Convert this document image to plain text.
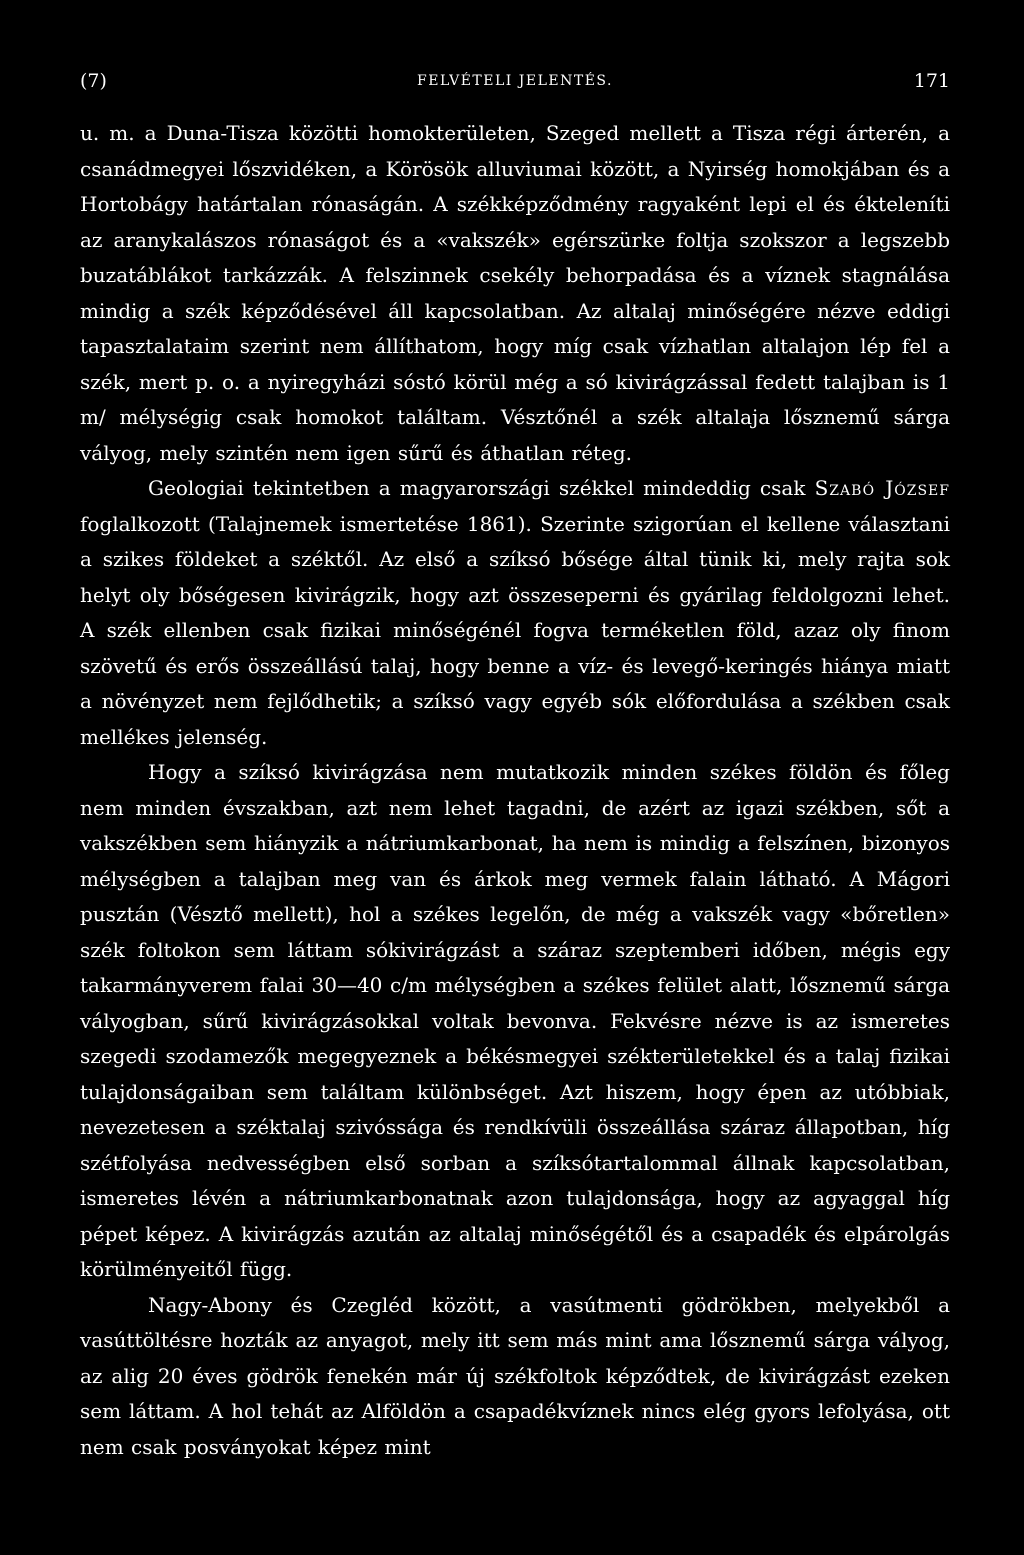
(7)	FELVÉTELI JELENTÉS.	171

u. m. a Duna-Tisza közötti homokterületen, Szeged mellett a Tisza régi árterén, a csanádmegyei lőszvidéken, a Körösök alluviumai között, a Nyirség homokjában és a Hortobágy határtalan rónaságán. A székképződmény ragyaként lepi el és ékteleníti az aranykalászos rónaságot és a «vakszék» egérszürke foltja szokszor a legszebb buzatáblákot tarkázzák. A felszinnek csekély behorpadása és a víznek stagnálása mindig a szék képződésével áll kapcsolatban. Az altalaj minőségére nézve eddigi tapasztalataim szerint nem állíthatom, hogy míg csak vízhatlan altalajon lép fel a szék, mert p. o. a nyiregyházi sóstó körül még a só kivirágzással fedett talajban is 1 m/ mélységig csak homokot találtam. Vésztőnél a szék altalaja lősznemű sárga vályog, mely szintén nem igen sűrű és áthatlan réteg.

Geologiai tekintetben a magyarországi székkel mindeddig csak Szabó József foglalkozott (Talajnemek ismertetése 1861). Szerinte szigorúan el kellene választani a szikes földeket a széktől. Az első a szíksó bősége által tünik ki, mely rajta sok helyt oly bőségesen kivirágzik, hogy azt összeseperni és gyárilag feldolgozni lehet. A szék ellenben csak fizikai minőségénél fogva terméketlen föld, azaz oly finom szövetű és erős összeállású talaj, hogy benne a víz- és levegő-keringés hiánya miatt a növényzet nem fejlődhetik; a szíksó vagy egyéb sók előfordulása a székben csak mellékes jelenség.

Hogy a szíksó kivirágzása nem mutatkozik minden székes földön és főleg nem minden évszakban, azt nem lehet tagadni, de azért az igazi székben, sőt a vakszékben sem hiányzik a nátriumkarbonat, ha nem is mindig a felszínen, bizonyos mélységben a talajban meg van és árkok meg vermek falain látható. A Mágori pusztán (Vésztő mellett), hol a székes legelőn, de még a vakszék vagy «bőretlen» szék foltokon sem láttam sókivirágzást a száraz szeptemberi időben, mégis egy takarmányverem falai 30—40 c/m mélységben a székes felület alatt, lősznemű sárga vályogban, sűrű kivirágzásokkal voltak bevonva. Fekvésre nézve is az ismeretes szegedi szodamezők megegyeznek a békésmegyei székterületekkel és a talaj fizikai tulajdonságaiban sem találtam különbséget. Azt hiszem, hogy épen az utóbbiak, nevezetesen a széktalaj szivóssága és rendkívüli összeállása száraz állapotban, híg szétfolyása nedvességben első sorban a szíksótartalommal állnak kapcsolatban, ismeretes lévén a nátriumkarbonatnak azon tulajdonsága, hogy az agyaggal híg pépet képez. A kivirágzás azután az altalaj minőségétől és a csapadék és elpárolgás körülményeitől függ.

Nagy-Abony és Czegléd között, a vasútmenti gödrökben, melyekből a vasúttöltésre hozták az anyagot, mely itt sem más mint ama lősznemű sárga vályog, az alig 20 éves gödrök fenekén már új székfoltok képződtek, de kivirágzást ezeken sem láttam. A hol tehát az Alföldön a csapadékvíznek nincs elég gyors lefolyása, ott nem csak posványokat képez mint
